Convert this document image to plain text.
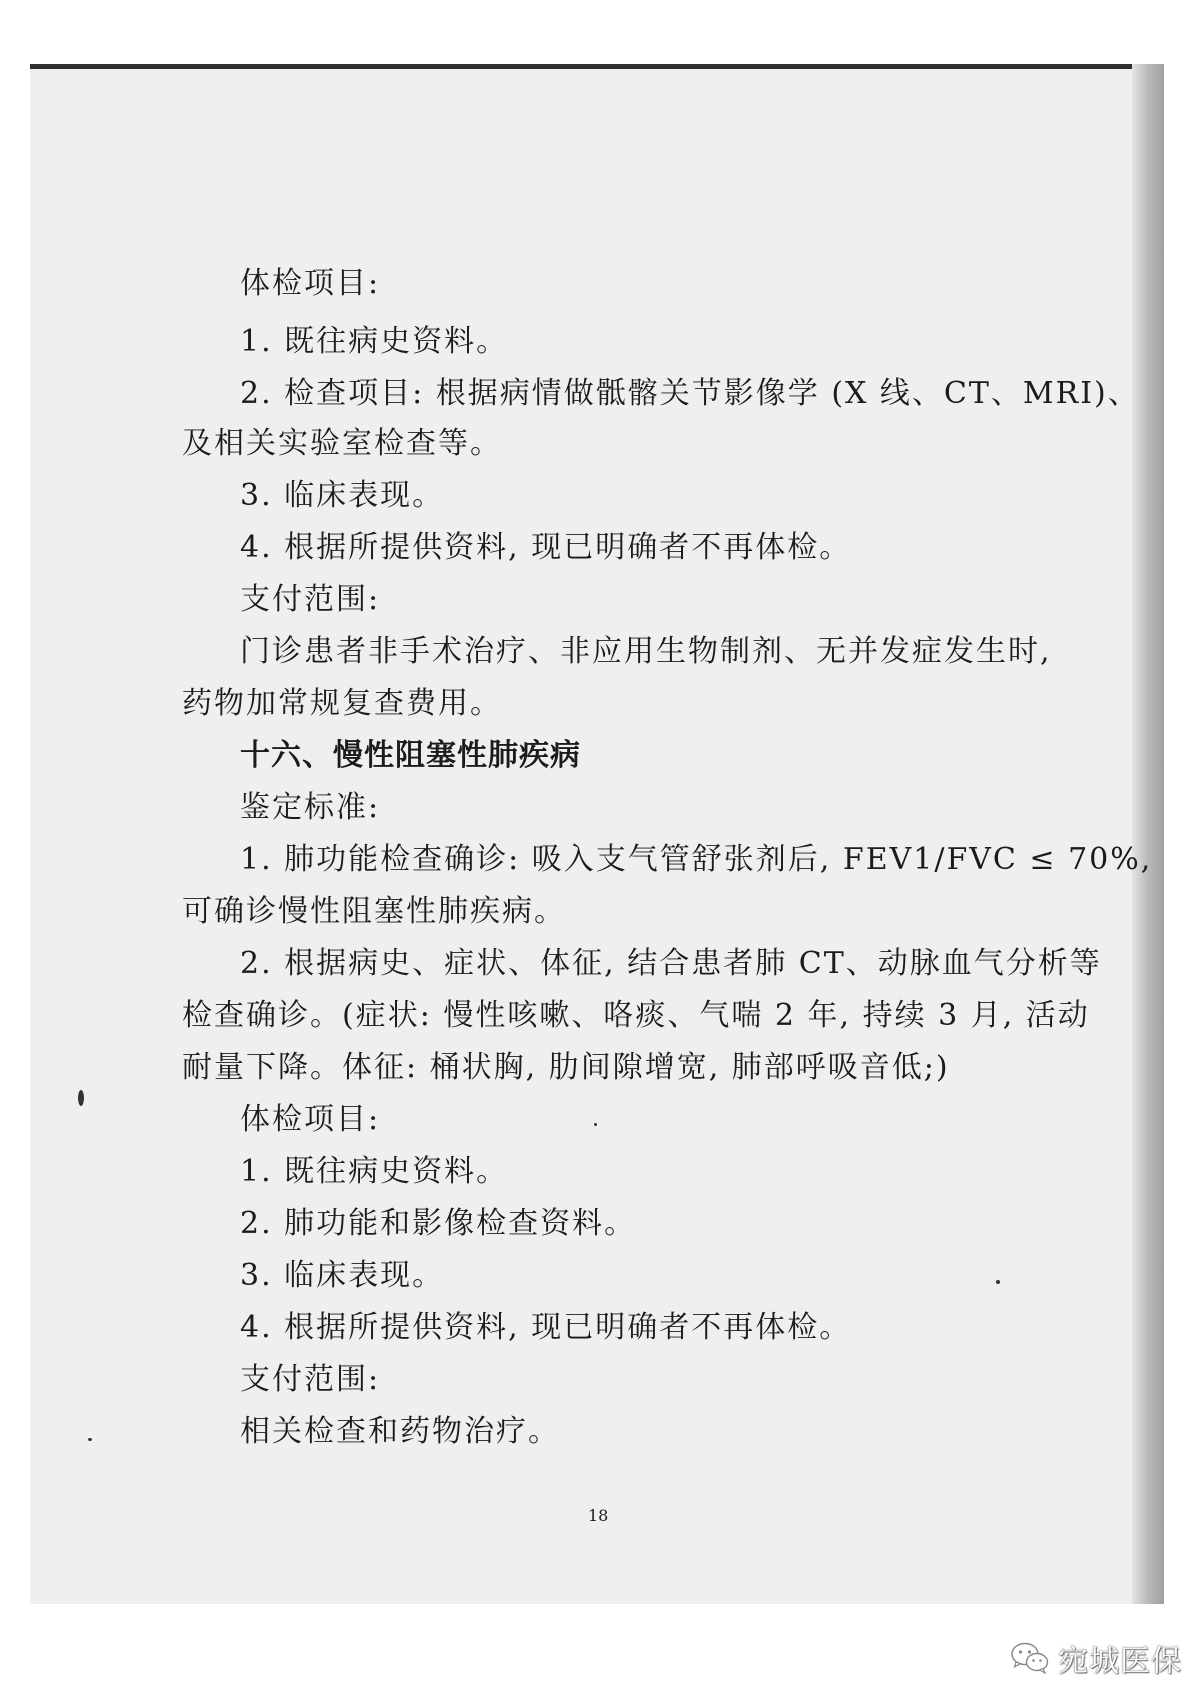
体检项目:
1. 既往病史资料。
2. 检查项目: 根据病情做骶髂关节影像学 (X 线、CT、MRI)、
及相关实验室检查等。
3. 临床表现。
4. 根据所提供资料, 现已明确者不再体检。
支付范围:
门诊患者非手术治疗、非应用生物制剂、无并发症发生时,
药物加常规复查费用。
十六、慢性阻塞性肺疾病
鉴定标准:
1. 肺功能检查确诊: 吸入支气管舒张剂后, FEV1/FVC ≤ 70%,
可确诊慢性阻塞性肺疾病。
2. 根据病史、症状、体征, 结合患者肺 CT、动脉血气分析等
检查确诊。(症状: 慢性咳嗽、咯痰、气喘 2 年, 持续 3 月, 活动
耐量下降。体征: 桶状胸, 肋间隙增宽, 肺部呼吸音低;)
体检项目:
1. 既往病史资料。
2. 肺功能和影像检查资料。
3. 临床表现。
4. 根据所提供资料, 现已明确者不再体检。
支付范围:
相关检查和药物治疗。
18
宛城医保
